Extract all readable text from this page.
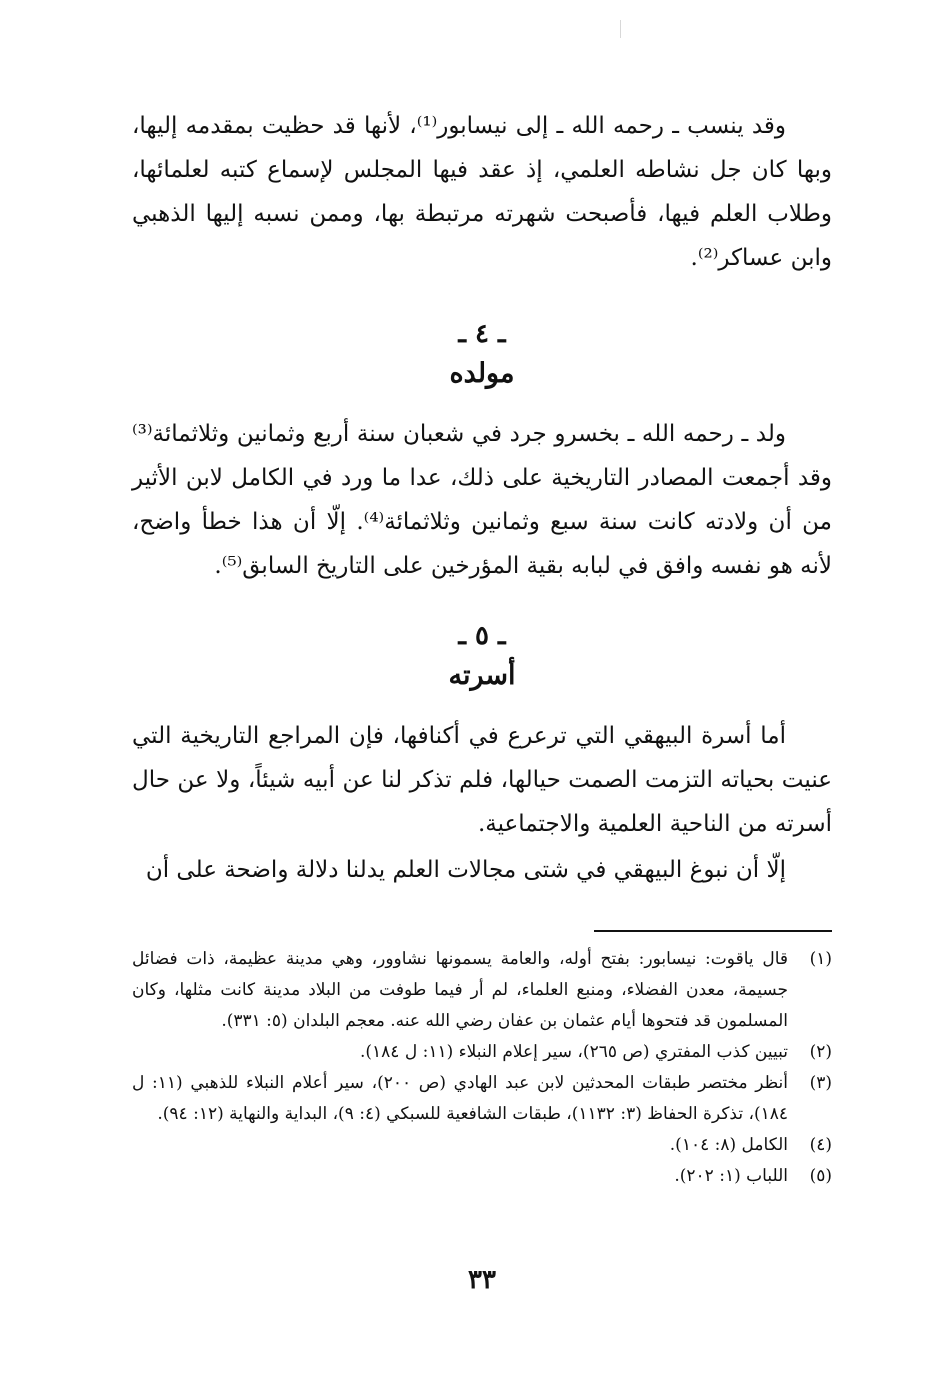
وقد ينسب ـ رحمه الله ـ إلى نيسابور⁽¹⁾، لأنها قد حظيت بمقدمه إليها، وبها كان جل نشاطه العلمي، إذ عقد فيها المجلس لإسماع كتبه لعلمائها، وطلاب العلم فيها، فأصبحت شهرته مرتبطة بها، وممن نسبه إليها الذهبي وابن عساكر⁽²⁾.

ـ ٤ ـ
مولده

ولد ـ رحمه الله ـ بخسرو جرد في شعبان سنة أربع وثمانين وثلاثمائة⁽³⁾ وقد أجمعت المصادر التاريخية على ذلك، عدا ما ورد في الكامل لابن الأثير من أن ولادته كانت سنة سبع وثمانين وثلاثمائة⁽⁴⁾. إلّا أن هذا خطأ واضح، لأنه هو نفسه وافق في لبابه بقية المؤرخين على التاريخ السابق⁽⁵⁾.

ـ ٥ ـ
أسرته

أما أسرة البيهقي التي ترعرع في أكنافها، فإن المراجع التاريخية التي عنيت بحياته التزمت الصمت حيالها، فلم تذكر لنا عن أبيه شيئاً، ولا عن حال أسرته من الناحية العلمية والاجتماعية.

إلّا أن نبوغ البيهقي في شتى مجالات العلم يدلنا دلالة واضحة على أن

(١)
قال ياقوت: نيسابور: بفتح أوله، والعامة يسمونها نشاوور، وهي مدينة عظيمة، ذات فضائل جسيمة، معدن الفضلاء، ومنبع العلماء، لم أر فيما طوفت من البلاد مدينة كانت مثلها، وكان المسلمون قد فتحوها أيام عثمان بن عفان رضي الله عنه. معجم البلدان (٥: ٣٣١).
(٢)
تبيين كذب المفتري (ص ٢٦٥)، سير إعلام النبلاء (١١: ل ١٨٤).
(٣)
أنظر مختصر طبقات المحدثين لابن عبد الهادي (ص ٢٠٠)، سير أعلام النبلاء للذهبي (١١: ل ١٨٤)، تذكرة الحفاظ (٣: ١١٣٢)، طبقات الشافعية للسبكي (٤: ٩)، البداية والنهاية (١٢: ٩٤).
(٤)
الكامل (٨: ١٠٤).
(٥)
اللباب (١: ٢٠٢).
٣٣
